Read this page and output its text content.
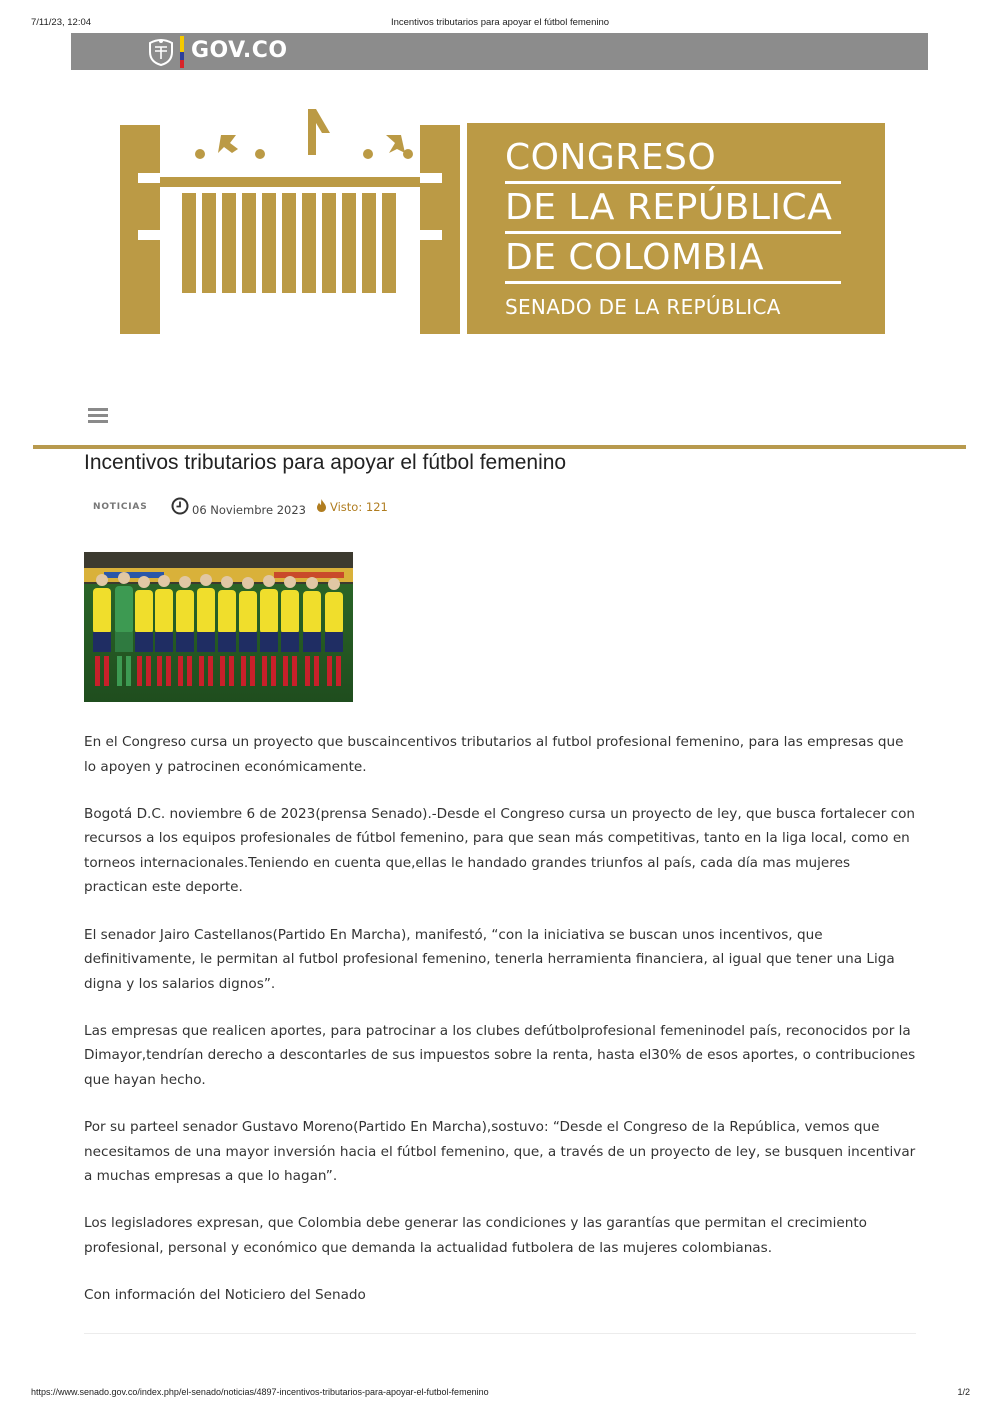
7/11/23, 12:04	Incentivos tributarios para apoyar el fútbol femenino
GOV.CO
CONGRESO
DE LA REPÚBLICA
DE COLOMBIA
SENADO DE LA REPÚBLICA
Incentivos tributarios para apoyar el fútbol femenino
NOTICIAS	06 Noviembre 2023 Visto: 121

En el Congreso cursa un proyecto que buscaincentivos tributarios al futbol profesional femenino, para las empresas que lo apoyen y patrocinen económicamente.

Bogotá D.C. noviembre 6 de 2023(prensa Senado).-Desde el Congreso cursa un proyecto de ley, que busca fortalecer con recursos a los equipos profesionales de fútbol femenino, para que sean más competitivas, tanto en la liga local, como en torneos internacionales.Teniendo en cuenta que,ellas le handado grandes triunfos al país, cada día mas mujeres practican este deporte.

El senador Jairo Castellanos(Partido En Marcha), manifestó, “con la iniciativa se buscan unos incentivos, que definitivamente, le permitan al futbol profesional femenino, tenerla herramienta financiera, al igual que tener una Liga digna y los salarios dignos”.

Las empresas que realicen aportes, para patrocinar a los clubes defútbolprofesional femeninodel país, reconocidos por la Dimayor,tendrían derecho a descontarles de sus impuestos sobre la renta, hasta el30% de esos aportes, o contribuciones que hayan hecho.

Por su parteel senador Gustavo Moreno(Partido En Marcha),sostuvo: “Desde el Congreso de la República, vemos que necesitamos de una mayor inversión hacia el fútbol femenino, que, a través de un proyecto de ley, se busquen incentivar a muchas empresas a que lo hagan”.

Los legisladores expresan, que Colombia debe generar las condiciones y las garantías que permitan el crecimiento profesional, personal y económico que demanda la actualidad futbolera de las mujeres colombianas.

Con información del Noticiero del Senado

https://www.senado.gov.co/index.php/el-senado/noticias/4897-incentivos-tributarios-para-apoyar-el-futbol-femenino	1/2
